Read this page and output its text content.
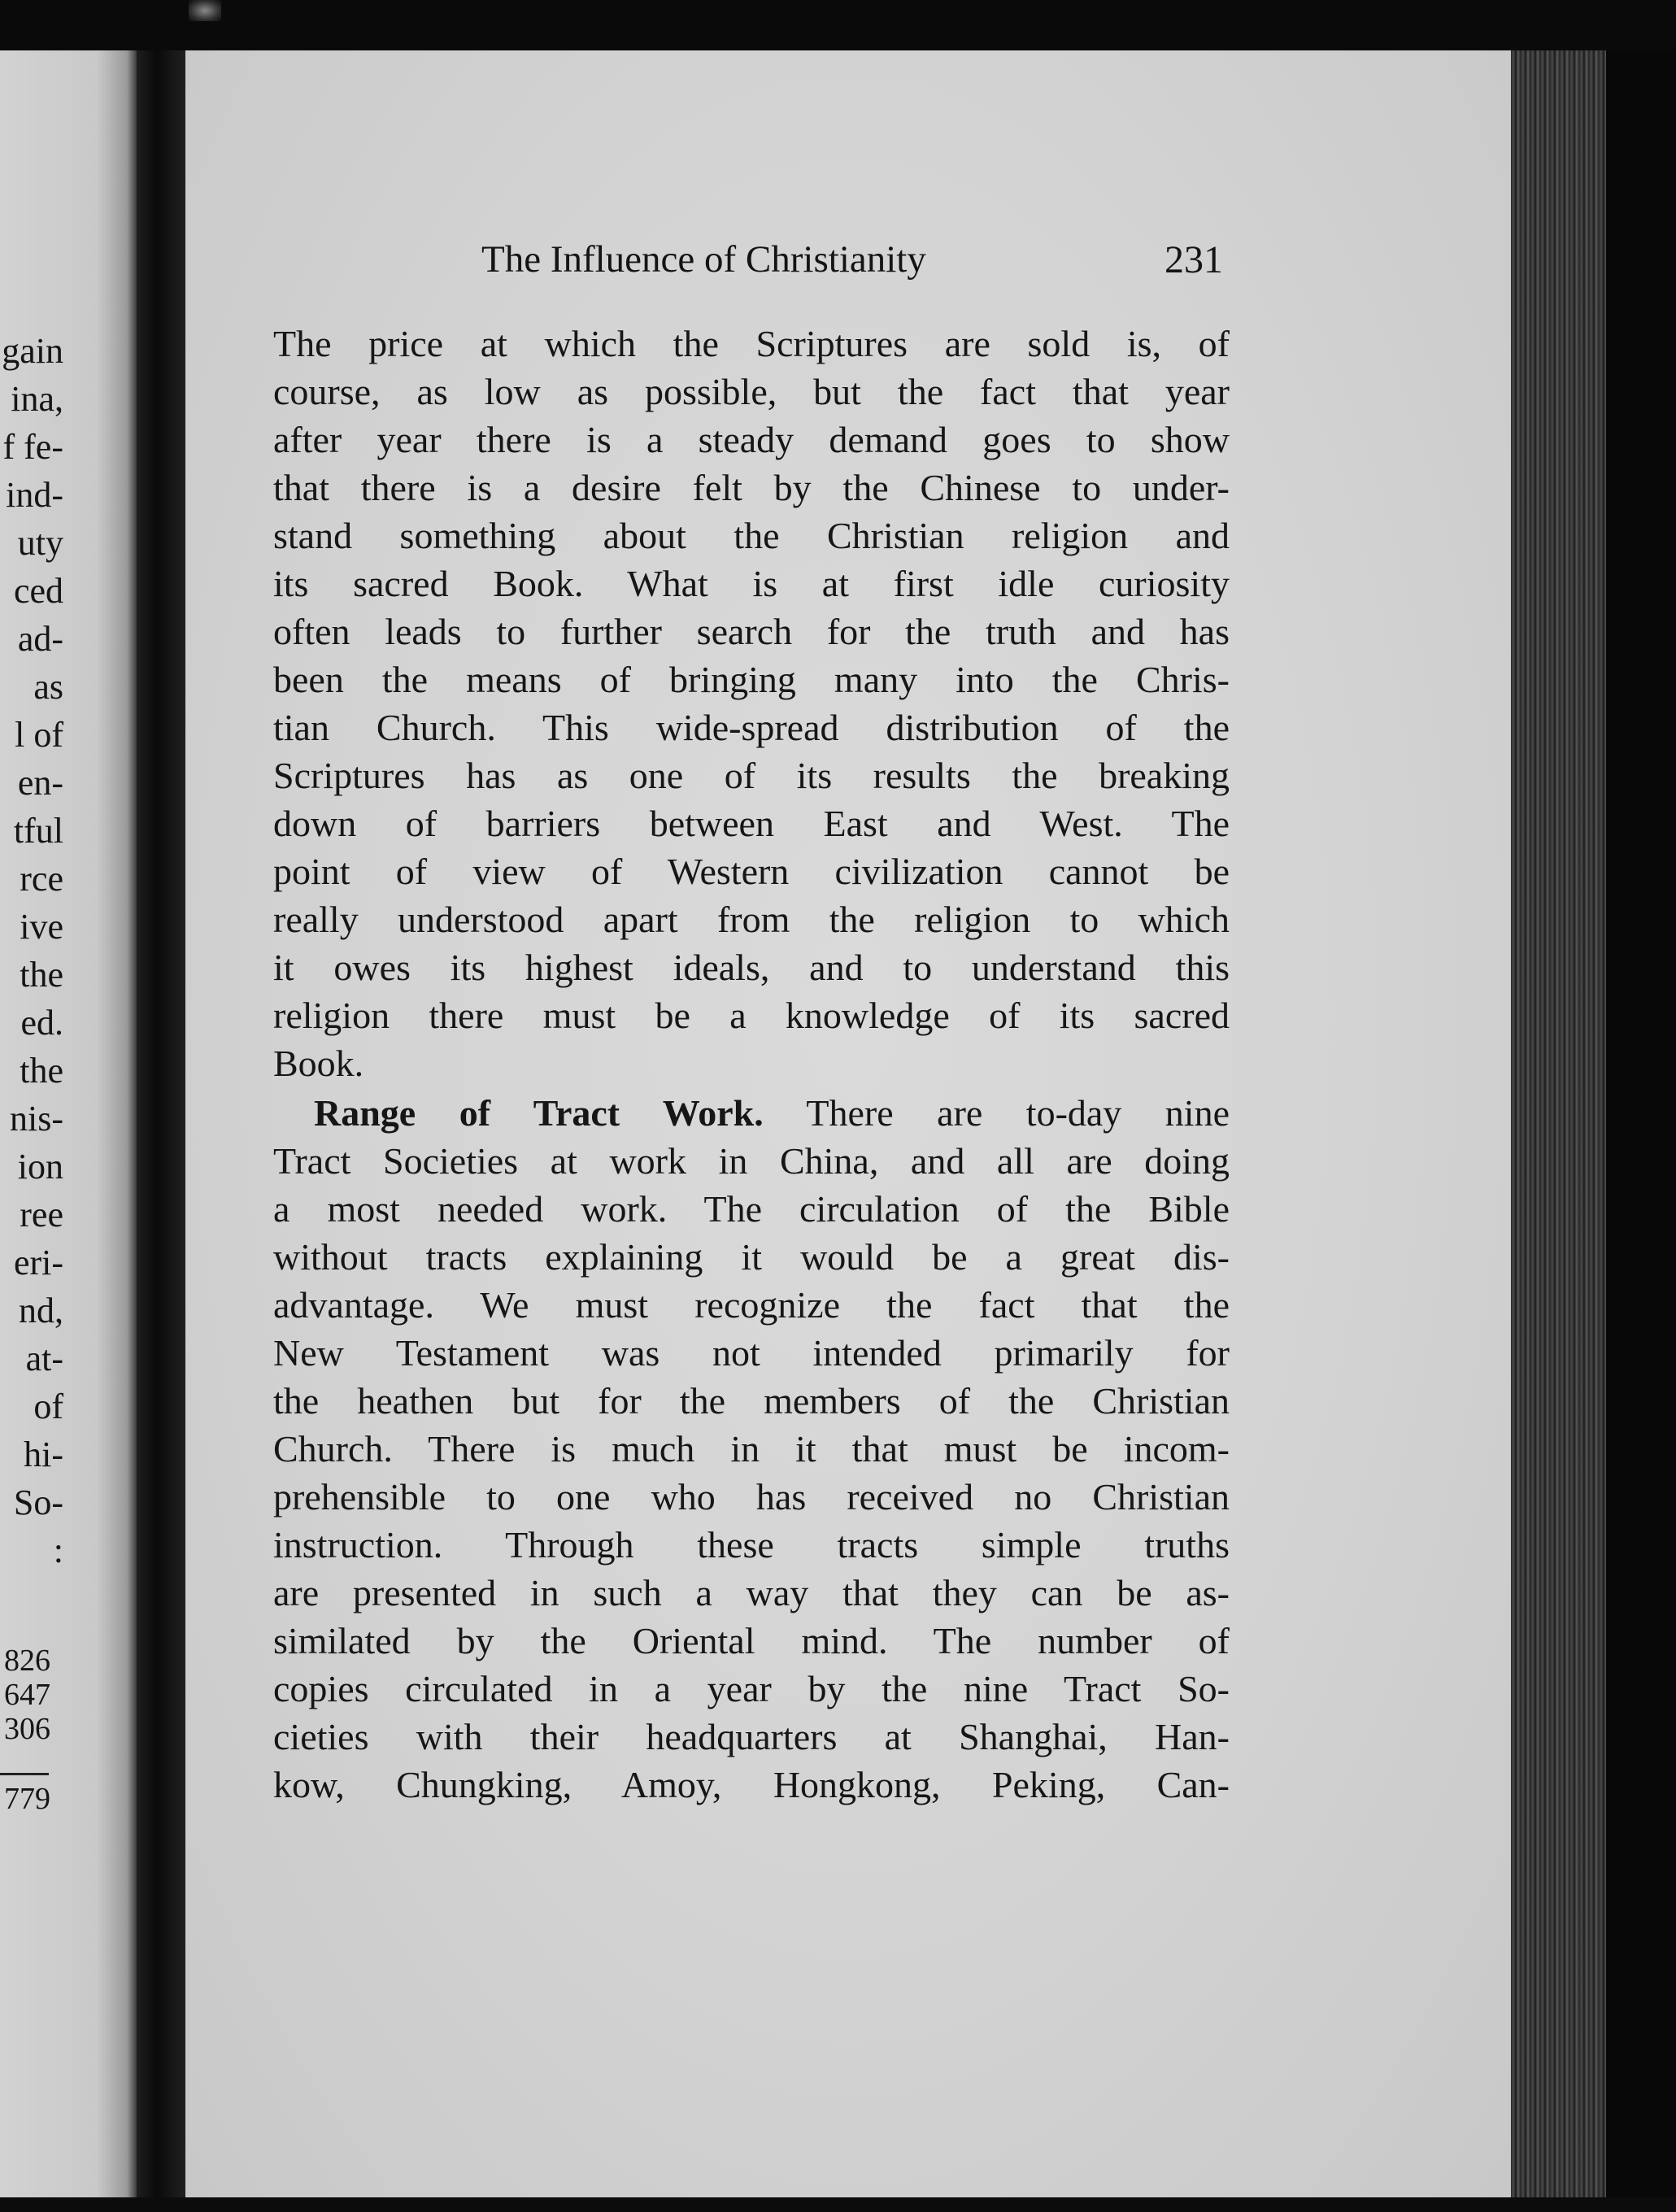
gain
ina,
f fe-
ind-
uty
ced
ad-
as
l of
en-
tful
rce
ive
the
ed.
the
nis-
ion
ree
eri-
nd,
at-
of
hi-
So-
:
826
647
306
779
The Influence of Christianity	231
The price at which the Scriptures are sold is, of
course, as low as possible, but the fact that year
after year there is a steady demand goes to show
that there is a desire felt by the Chinese to under-
stand something about the Christian religion and
its sacred Book. What is at first idle curiosity
often leads to further search for the truth and has
been the means of bringing many into the Chris-
tian Church. This wide-spread distribution of the
Scriptures has as one of its results the breaking
down of barriers between East and West. The
point of view of Western civilization cannot be
really understood apart from the religion to which
it owes its highest ideals, and to understand this
religion there must be a knowledge of its sacred
Book.
Range of Tract Work. There are to-day nine
Tract Societies at work in China, and all are doing
a most needed work. The circulation of the Bible
without tracts explaining it would be a great dis-
advantage. We must recognize the fact that the
New Testament was not intended primarily for
the heathen but for the members of the Christian
Church. There is much in it that must be incom-
prehensible to one who has received no Christian
instruction. Through these tracts simple truths
are presented in such a way that they can be as-
similated by the Oriental mind. The number of
copies circulated in a year by the nine Tract So-
cieties with their headquarters at Shanghai, Han-
kow, Chungking, Amoy, Hongkong, Peking, Can-
